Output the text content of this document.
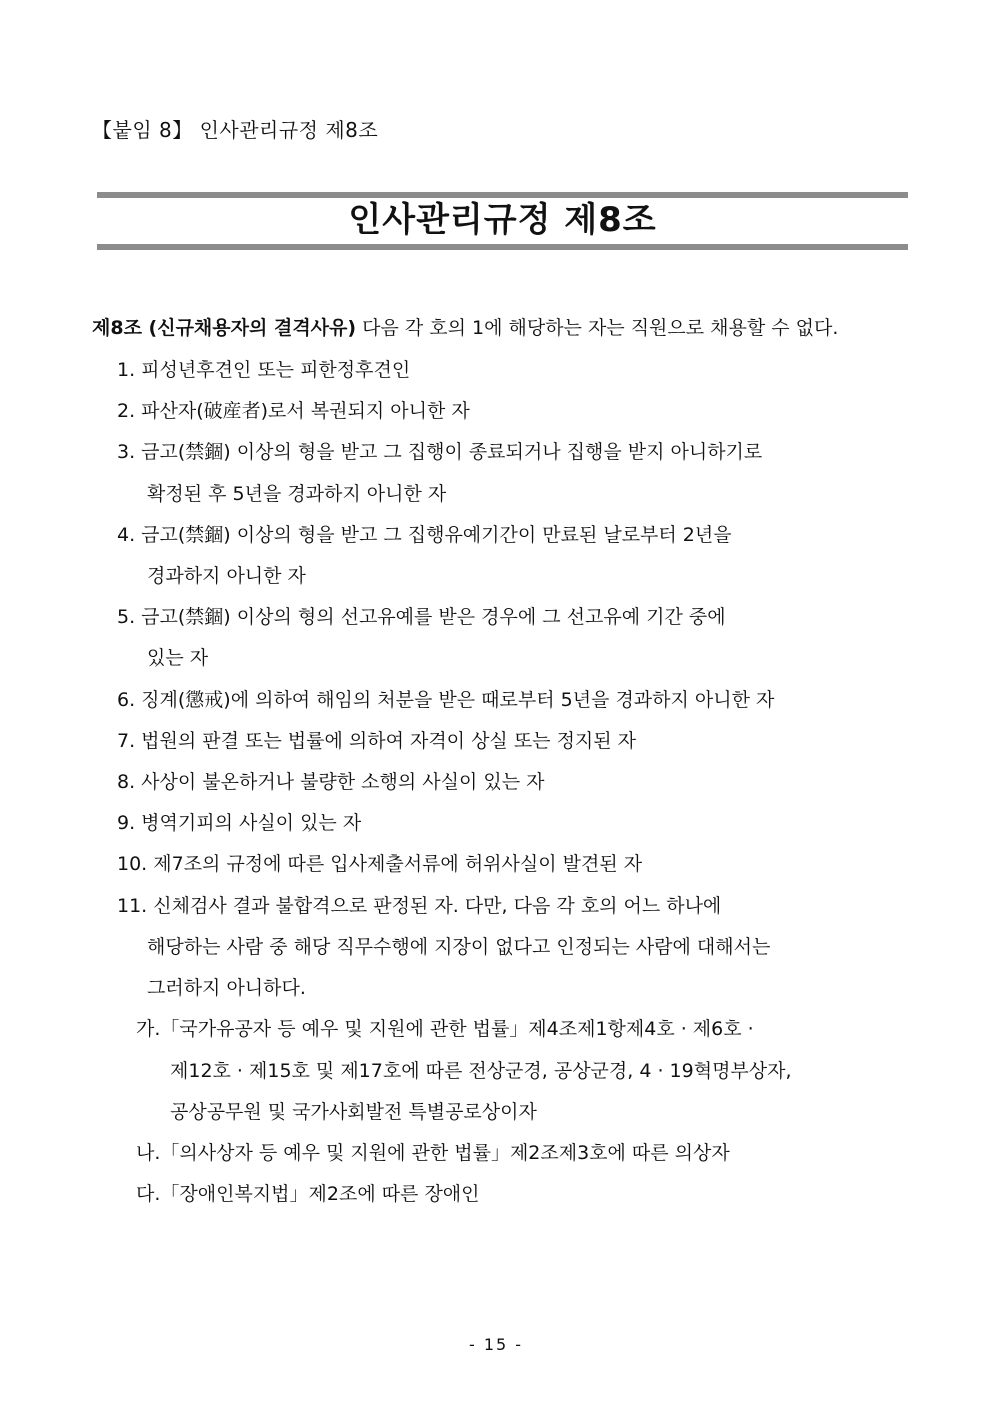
【붙임 8】 인사관리규정 제8조
인사관리규정 제8조
제8조 (신규채용자의 결격사유) 다음 각 호의 1에 해당하는 자는 직원으로 채용할 수 없다.
1. 피성년후견인 또는 피한정후견인
2. 파산자(破産者)로서 복권되지 아니한 자
3. 금고(禁錮) 이상의 형을 받고 그 집행이 종료되거나 집행을 받지 아니하기로
확정된 후 5년을 경과하지 아니한 자
4. 금고(禁錮) 이상의 형을 받고 그 집행유예기간이 만료된 날로부터 2년을
경과하지 아니한 자
5. 금고(禁錮) 이상의 형의 선고유예를 받은 경우에 그 선고유예 기간 중에
있는 자
6. 징계(懲戒)에 의하여 해임의 처분을 받은 때로부터 5년을 경과하지 아니한 자
7. 법원의 판결 또는 법률에 의하여 자격이 상실 또는 정지된 자
8. 사상이 불온하거나 불량한 소행의 사실이 있는 자
9. 병역기피의 사실이 있는 자
10. 제7조의 규정에 따른 입사제출서류에 허위사실이 발견된 자
11. 신체검사 결과 불합격으로 판정된 자. 다만, 다음 각 호의 어느 하나에
해당하는 사람 중 해당 직무수행에 지장이 없다고 인정되는 사람에 대해서는
그러하지 아니하다.
가.「국가유공자 등 예우 및 지원에 관한 법률」제4조제1항제4호 · 제6호 ·
제12호 · 제15호 및 제17호에 따른 전상군경, 공상군경, 4 · 19혁명부상자,
공상공무원 및 국가사회발전 특별공로상이자
나.「의사상자 등 예우 및 지원에 관한 법률」제2조제3호에 따른 의상자
다.「장애인복지법」제2조에 따른 장애인
- 15 -
